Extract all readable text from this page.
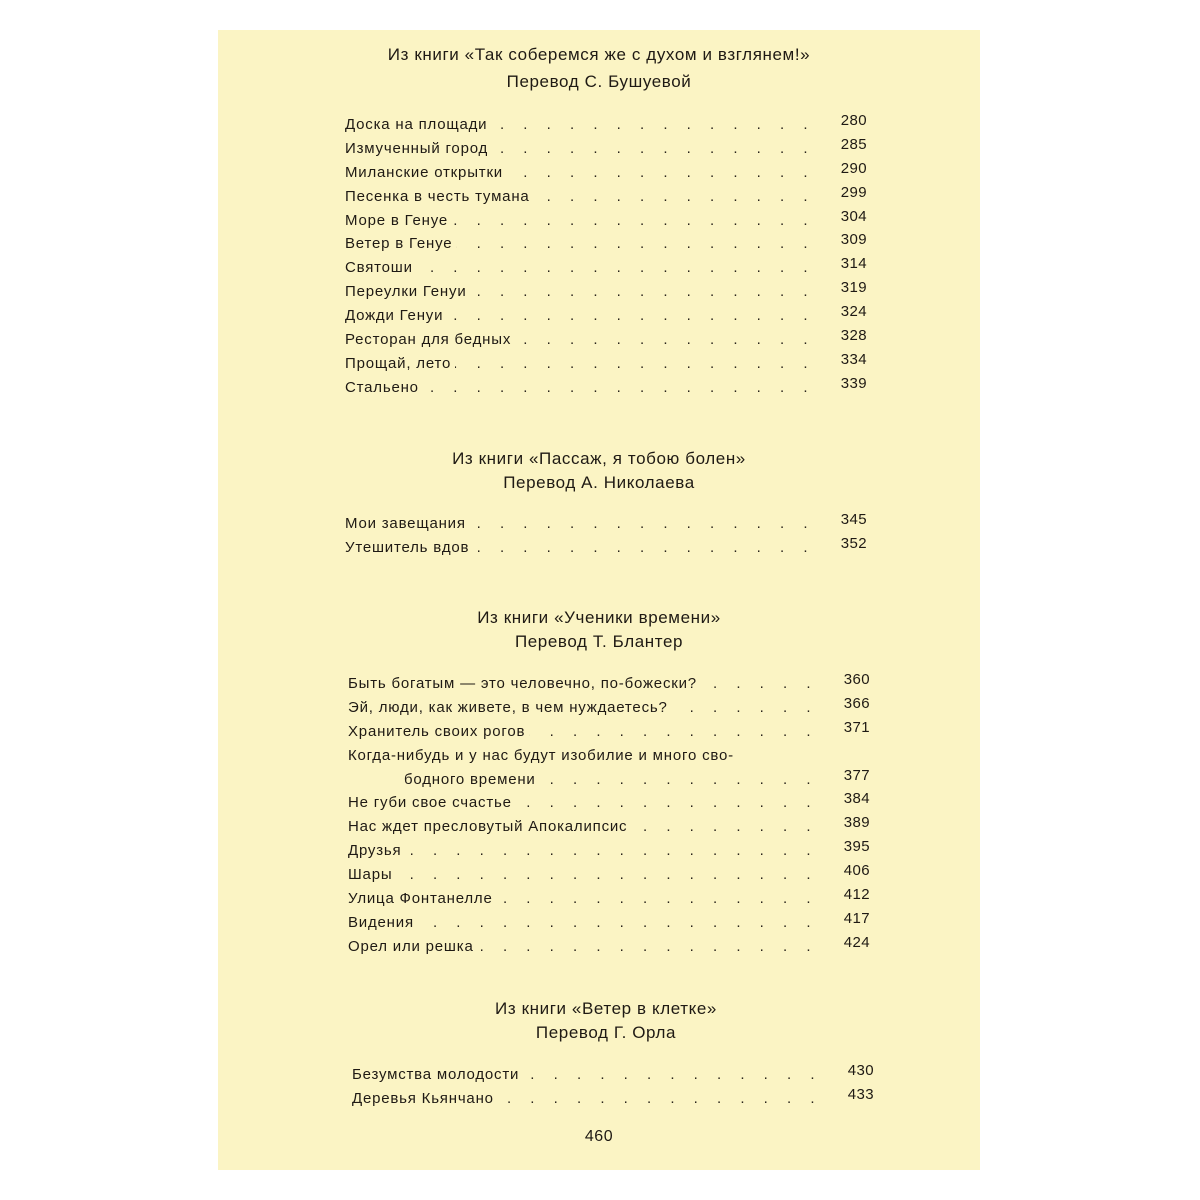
Из книги «Так соберемся же с духом и взглянем!»

Перевод С. Бушуевой

Доска на площади . . .	280
Измученный город . . .	285
Миланские открытки . . .	290
Песенка в честь тумана . . .	299
Море в Генуе . . .	304
Ветер в Генуе . . .	309
Святоши . . .	314
Переулки Генуи . . .	319
Дожди Генуи . . .	324
Ресторан для бедных . . .	328
Прощай, лето . . .	334
Стальено . . .	339

Из книги «Пассаж, я тобою болен»

Перевод А. Николаева

Мои завещания . . .	345
Утешитель вдов . . .	352

Из книги «Ученики времени»

Перевод Т. Блантер

Быть богатым — это человечно, по-божески? . . .	360
Эй, люди, как живете, в чем нуждаетесь? . . .	366
Хранитель своих рогов . . .	371
Когда-нибудь и у нас будут изобилие и много сво-
бодного времени . . .	377
Не губи свое счастье . . .	384
Нас ждет пресловутый Апокалипсис . . .	389
Друзья . . .	395
Шары . . .	406
Улица Фонтанелле . . .	412
Видения . . .	417
Орел или решка . . .	424

Из книги «Ветер в клетке»

Перевод Г. Орла

Безумства молодости . . .	430
Деревья Кьянчано . . .	433
460
